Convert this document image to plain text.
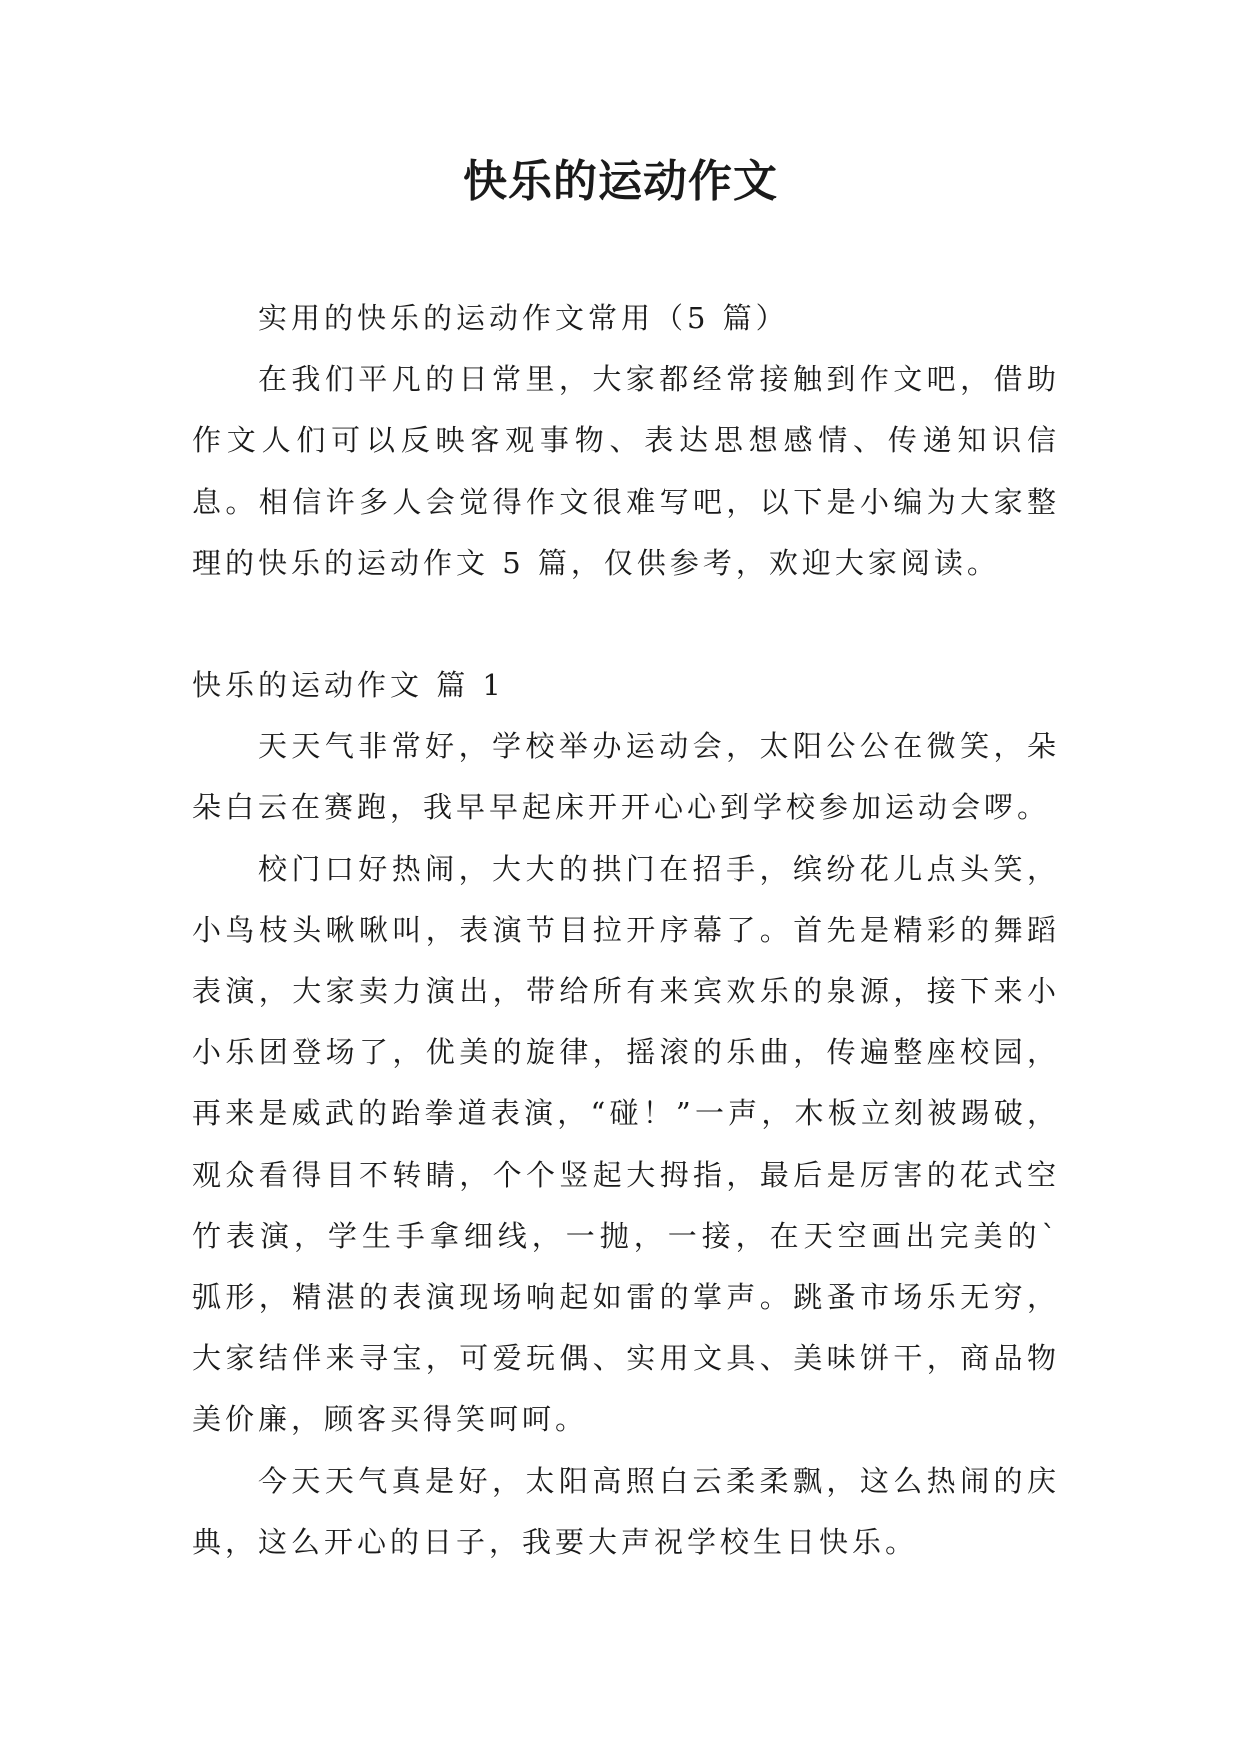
快乐的运动作文

实用的快乐的运动作文常用（5 篇）

在我们平凡的日常里，大家都经常接触到作文吧，借助作文人们可以反映客观事物、表达思想感情、传递知识信息。相信许多人会觉得作文很难写吧，以下是小编为大家整理的快乐的运动作文 5 篇，仅供参考，欢迎大家阅读。

快乐的运动作文 篇 1

天天气非常好，学校举办运动会，太阳公公在微笑，朵朵白云在赛跑，我早早起床开开心心到学校参加运动会啰。

校门口好热闹，大大的拱门在招手，缤纷花儿点头笑，小鸟枝头啾啾叫，表演节目拉开序幕了。首先是精彩的舞蹈表演，大家卖力演出，带给所有来宾欢乐的泉源，接下来小小乐团登场了，优美的旋律，摇滚的乐曲，传遍整座校园，再来是威武的跆拳道表演，“碰！”一声，木板立刻被踢破，观众看得目不转睛，个个竖起大拇指，最后是厉害的花式空竹表演，学生手拿细线，一抛，一接，在天空画出完美的`弧形，精湛的表演现场响起如雷的掌声。跳蚤市场乐无穷，大家结伴来寻宝，可爱玩偶、实用文具、美味饼干，商品物美价廉，顾客买得笑呵呵。

今天天气真是好，太阳高照白云柔柔飘，这么热闹的庆典，这么开心的日子，我要大声祝学校生日快乐。
